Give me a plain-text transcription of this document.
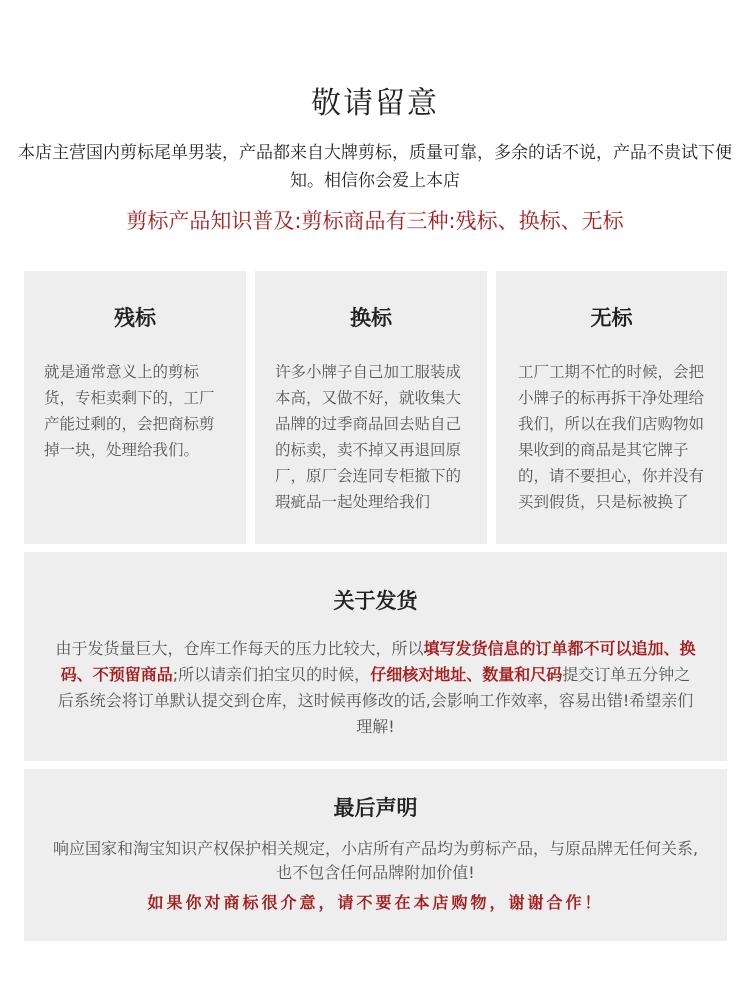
敬请留意
本店主营国内剪标尾单男装，产品都来自大牌剪标，质量可靠，多余的话不说，产品不贵试下便知。相信你会爱上本店
剪标产品知识普及:剪标商品有三种:残标、换标、无标
残标
就是通常意义上的剪标货，专柜卖剩下的，工厂产能过剩的，会把商标剪掉一块，处理给我们。
换标
许多小牌子自己加工服装成本高，又做不好，就收集大品牌的过季商品回去贴自己的标卖，卖不掉又再退回原厂，原厂会连同专柜撤下的瑕疵品一起处理给我们
无标
工厂工期不忙的时候，会把小牌子的标再拆干净处理给我们，所以在我们店购物如果收到的商品是其它牌子的，请不要担心，你并没有买到假货，只是标被换了
关于发货
由于发货量巨大，仓库工作每天的压力比较大，所以填写发货信息的订单都不可以追加、换码、不预留商品;所以请亲们拍宝贝的时候，仔细核对地址、数量和尺码提交订单五分钟之后系统会将订单默认提交到仓库，这时候再修改的话,会影响工作效率，容易出错!希望亲们理解!
最后声明
响应国家和淘宝知识产权保护相关规定，小店所有产品均为剪标产品，与原品牌无任何关系,也不包含任何品牌附加价值!
如果你对商标很介意，请不要在本店购物，谢谢合作！
